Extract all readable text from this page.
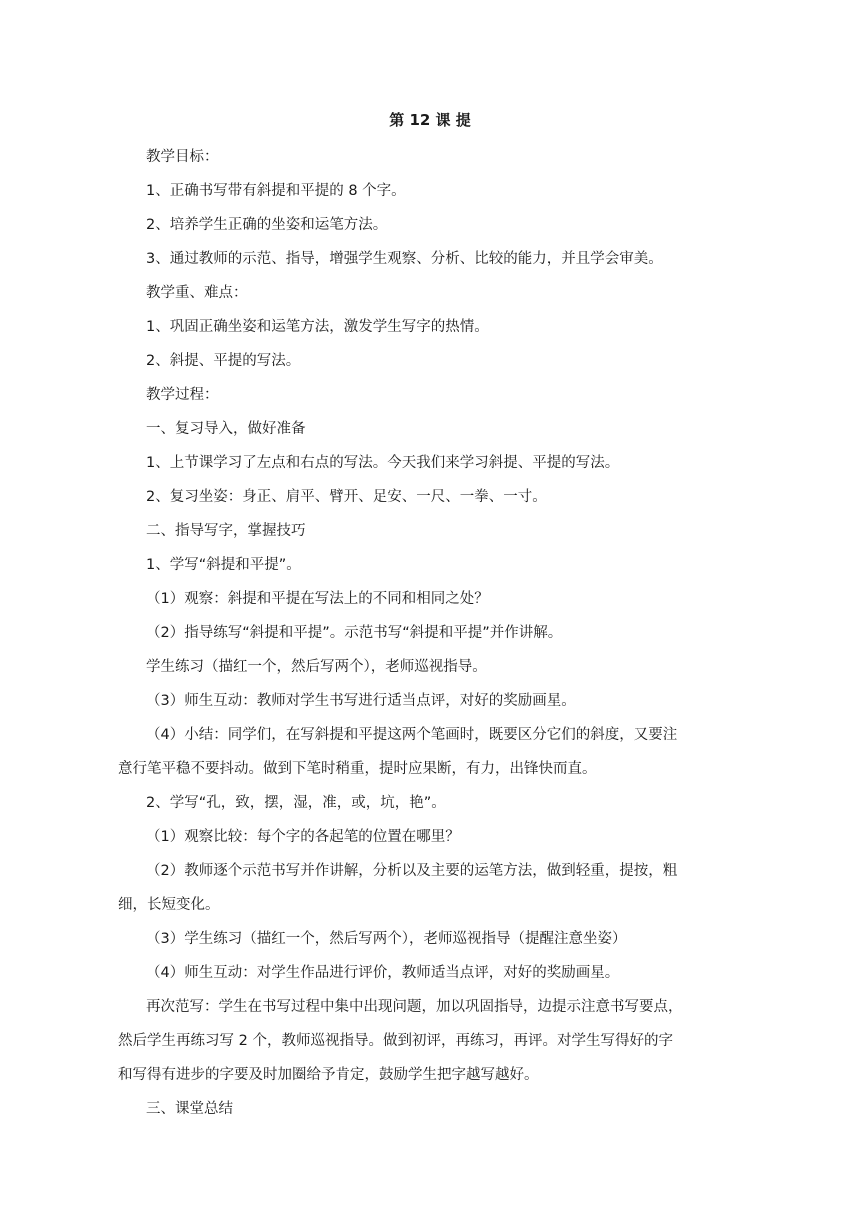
第 12 课 提
教学目标：
1、正确书写带有斜提和平提的 8 个字。
2、培养学生正确的坐姿和运笔方法。
3、通过教师的示范、指导，增强学生观察、分析、比较的能力，并且学会审美。
教学重、难点：
1、巩固正确坐姿和运笔方法，激发学生写字的热情。
2、斜提、平提的写法。
教学过程：
一、复习导入，做好准备
1、上节课学习了左点和右点的写法。今天我们来学习斜提、平提的写法。
2、复习坐姿：身正、肩平、臂开、足安、一尺、一拳、一寸。
二、指导写字，掌握技巧
1、学写“斜提和平提”。
（1）观察：斜提和平提在写法上的不同和相同之处？
（2）指导练写“斜提和平提”。示范书写“斜提和平提”并作讲解。
学生练习（描红一个，然后写两个），老师巡视指导。
（3）师生互动：教师对学生书写进行适当点评，对好的奖励画星。
（4）小结：同学们，在写斜提和平提这两个笔画时，既要区分它们的斜度，又要注
意行笔平稳不要抖动。做到下笔时稍重，提时应果断，有力，出锋快而直。
2、学写“孔，致，摆，湿，准，或，坑，艳”。
（1）观察比较：每个字的各起笔的位置在哪里？
（2）教师逐个示范书写并作讲解，分析以及主要的运笔方法，做到轻重，提按，粗
细，长短变化。
（3）学生练习（描红一个，然后写两个），老师巡视指导（提醒注意坐姿）
（4）师生互动：对学生作品进行评价，教师适当点评，对好的奖励画星。
再次范写：学生在书写过程中集中出现问题，加以巩固指导，边提示注意书写要点，
然后学生再练习写 2 个，教师巡视指导。做到初评，再练习，再评。对学生写得好的字
和写得有进步的字要及时加圈给予肯定，鼓励学生把字越写越好。
三、课堂总结
